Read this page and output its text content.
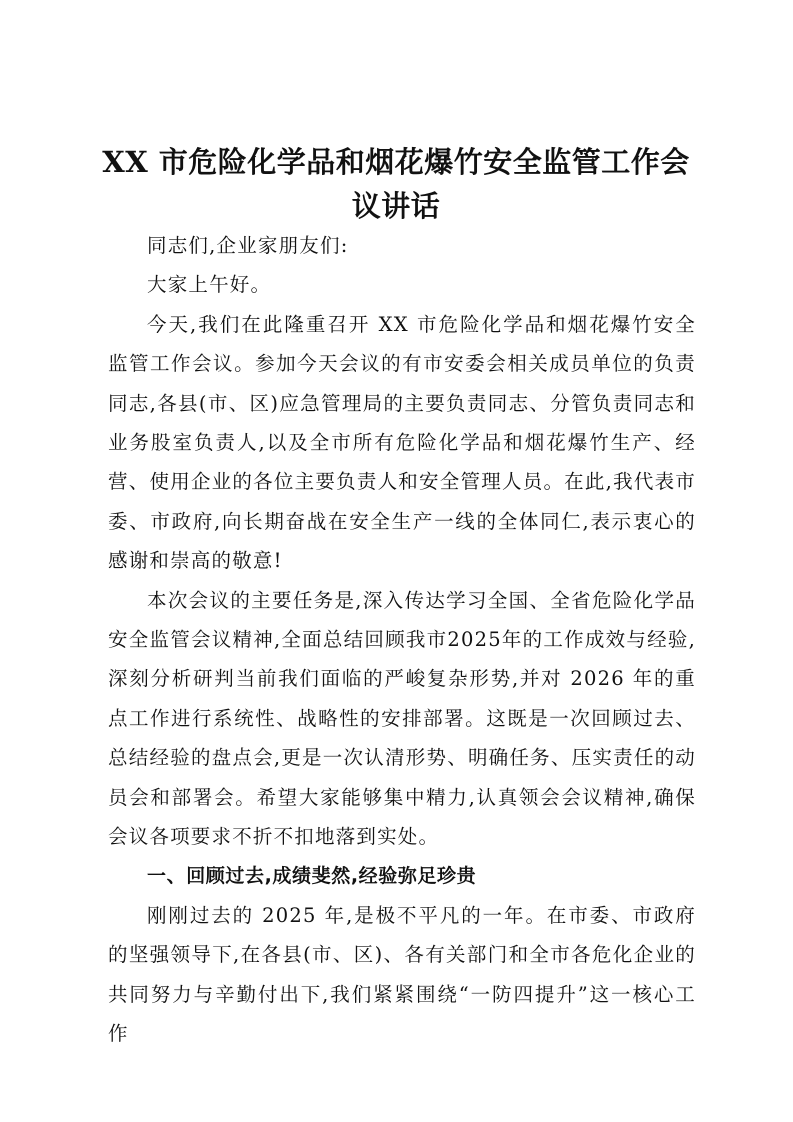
XX 市危险化学品和烟花爆竹安全监管工作会
议讲话

同志们,企业家朋友们:

大家上午好。

今天,我们在此隆重召开 XX 市危险化学品和烟花爆竹安全监管工作会议。参加今天会议的有市安委会相关成员单位的负责同志,各县(市、区)应急管理局的主要负责同志、分管负责同志和业务股室负责人,以及全市所有危险化学品和烟花爆竹生产、经营、使用企业的各位主要负责人和安全管理人员。在此,我代表市委、市政府,向长期奋战在安全生产一线的全体同仁,表示衷心的感谢和崇高的敬意!

本次会议的主要任务是,深入传达学习全国、全省危险化学品安全监管会议精神,全面总结回顾我市2025年的工作成效与经验,深刻分析研判当前我们面临的严峻复杂形势,并对 2026 年的重点工作进行系统性、战略性的安排部署。这既是一次回顾过去、总结经验的盘点会,更是一次认清形势、明确任务、压实责任的动员会和部署会。希望大家能够集中精力,认真领会会议精神,确保会议各项要求不折不扣地落到实处。

一、回顾过去,成绩斐然,经验弥足珍贵

刚刚过去的 2025 年,是极不平凡的一年。在市委、市政府的坚强领导下,在各县(市、区)、各有关部门和全市各危化企业的共同努力与辛勤付出下,我们紧紧围绕“一防四提升”这一核心工作
